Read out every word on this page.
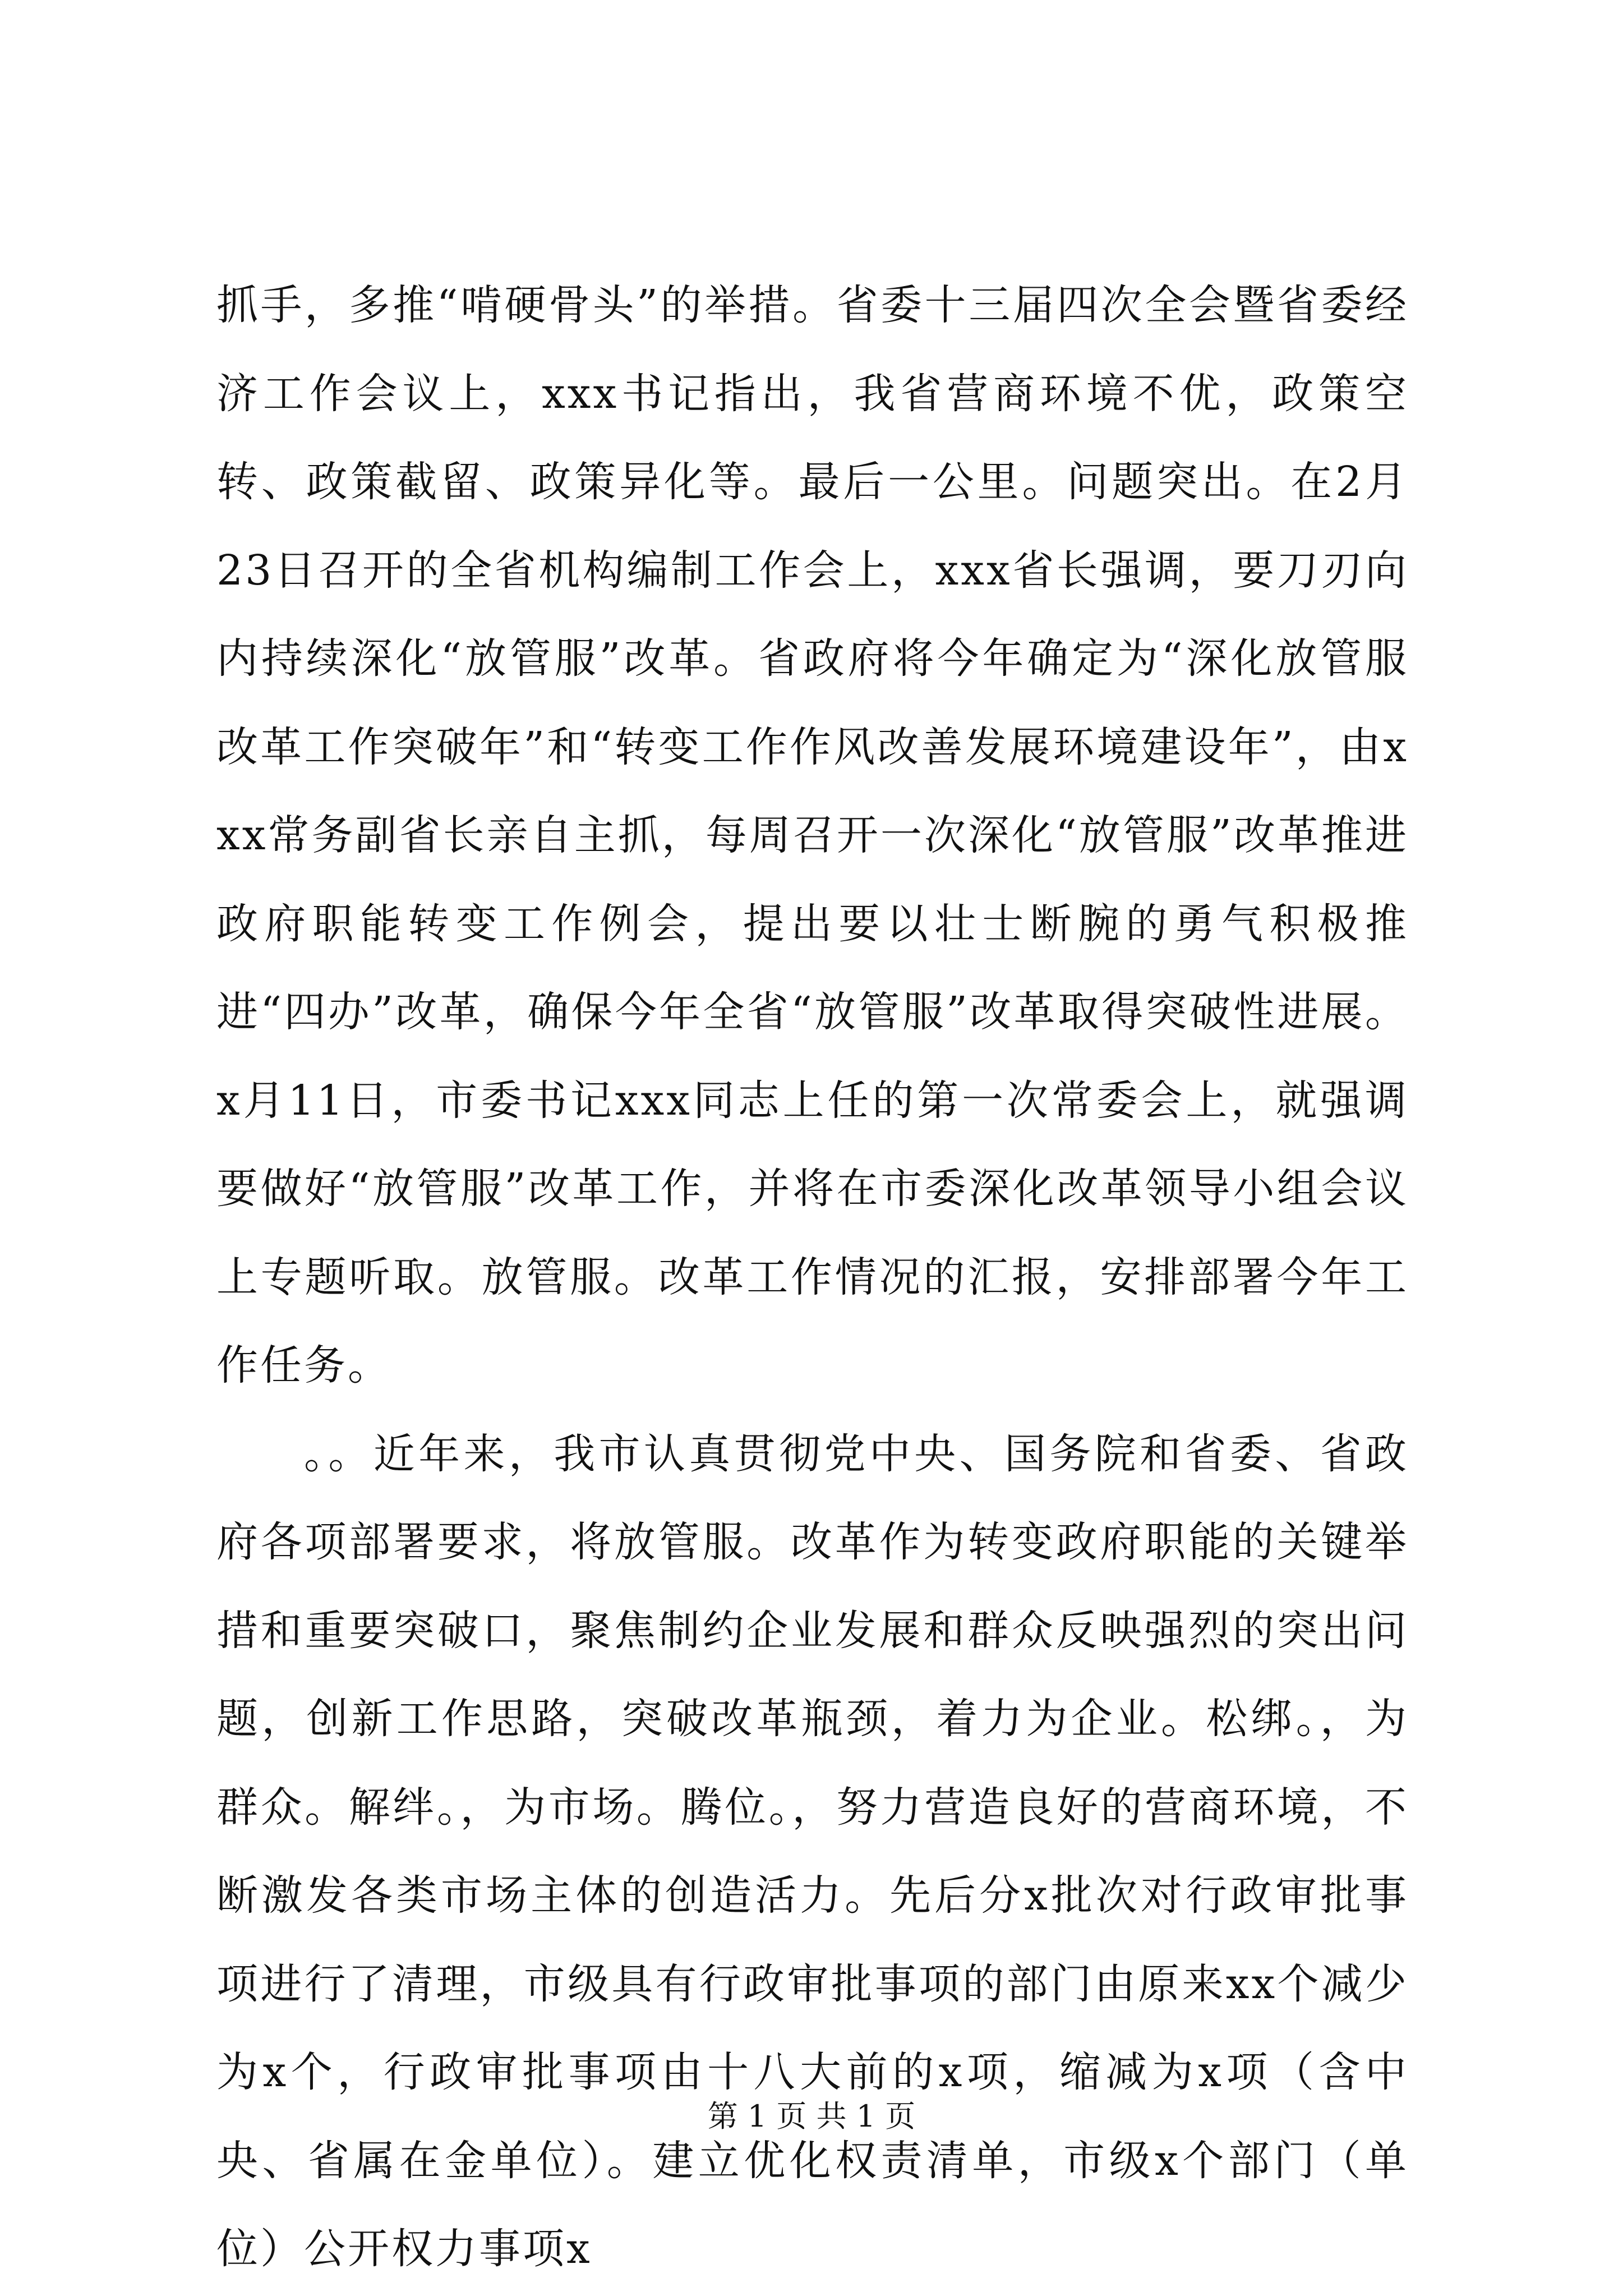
抓手，多推“啃硬骨头”的举措。省委十三届四次全会暨省委经济工作会议上，xxx书记指出，我省营商环境不优，政策空转、政策截留、政策异化等。最后一公里。问题突出。在2月23日召开的全省机构编制工作会上，xxx省长强调，要刀刃向内持续深化“放管服”改革。省政府将今年确定为“深化放管服改革工作突破年”和“转变工作作风改善发展环境建设年”，由xxx常务副省长亲自主抓，每周召开一次深化“放管服”改革推进政府职能转变工作例会，提出要以壮士断腕的勇气积极推进“四办”改革，确保今年全省“放管服”改革取得突破性进展。x月11日，市委书记xxx同志上任的第一次常委会上，就强调要做好“放管服”改革工作，并将在市委深化改革领导小组会议上专题听取。放管服。改革工作情况的汇报，安排部署今年工作任务。

。。近年来，我市认真贯彻党中央、国务院和省委、省政府各项部署要求，将放管服。改革作为转变政府职能的关键举措和重要突破口，聚焦制约企业发展和群众反映强烈的突出问题，创新工作思路，突破改革瓶颈，着力为企业。松绑。，为群众。解绊。，为市场。腾位。，努力营造良好的营商环境，不断激发各类市场主体的创造活力。先后分x批次对行政审批事项进行了清理，市级具有行政审批事项的部门由原来xx个减少为x个，行政审批事项由十八大前的x项，缩减为x项（含中央、省属在金单位）。建立优化权责清单，市级x个部门（单位）公开权力事项x

第 1 页 共 1 页
